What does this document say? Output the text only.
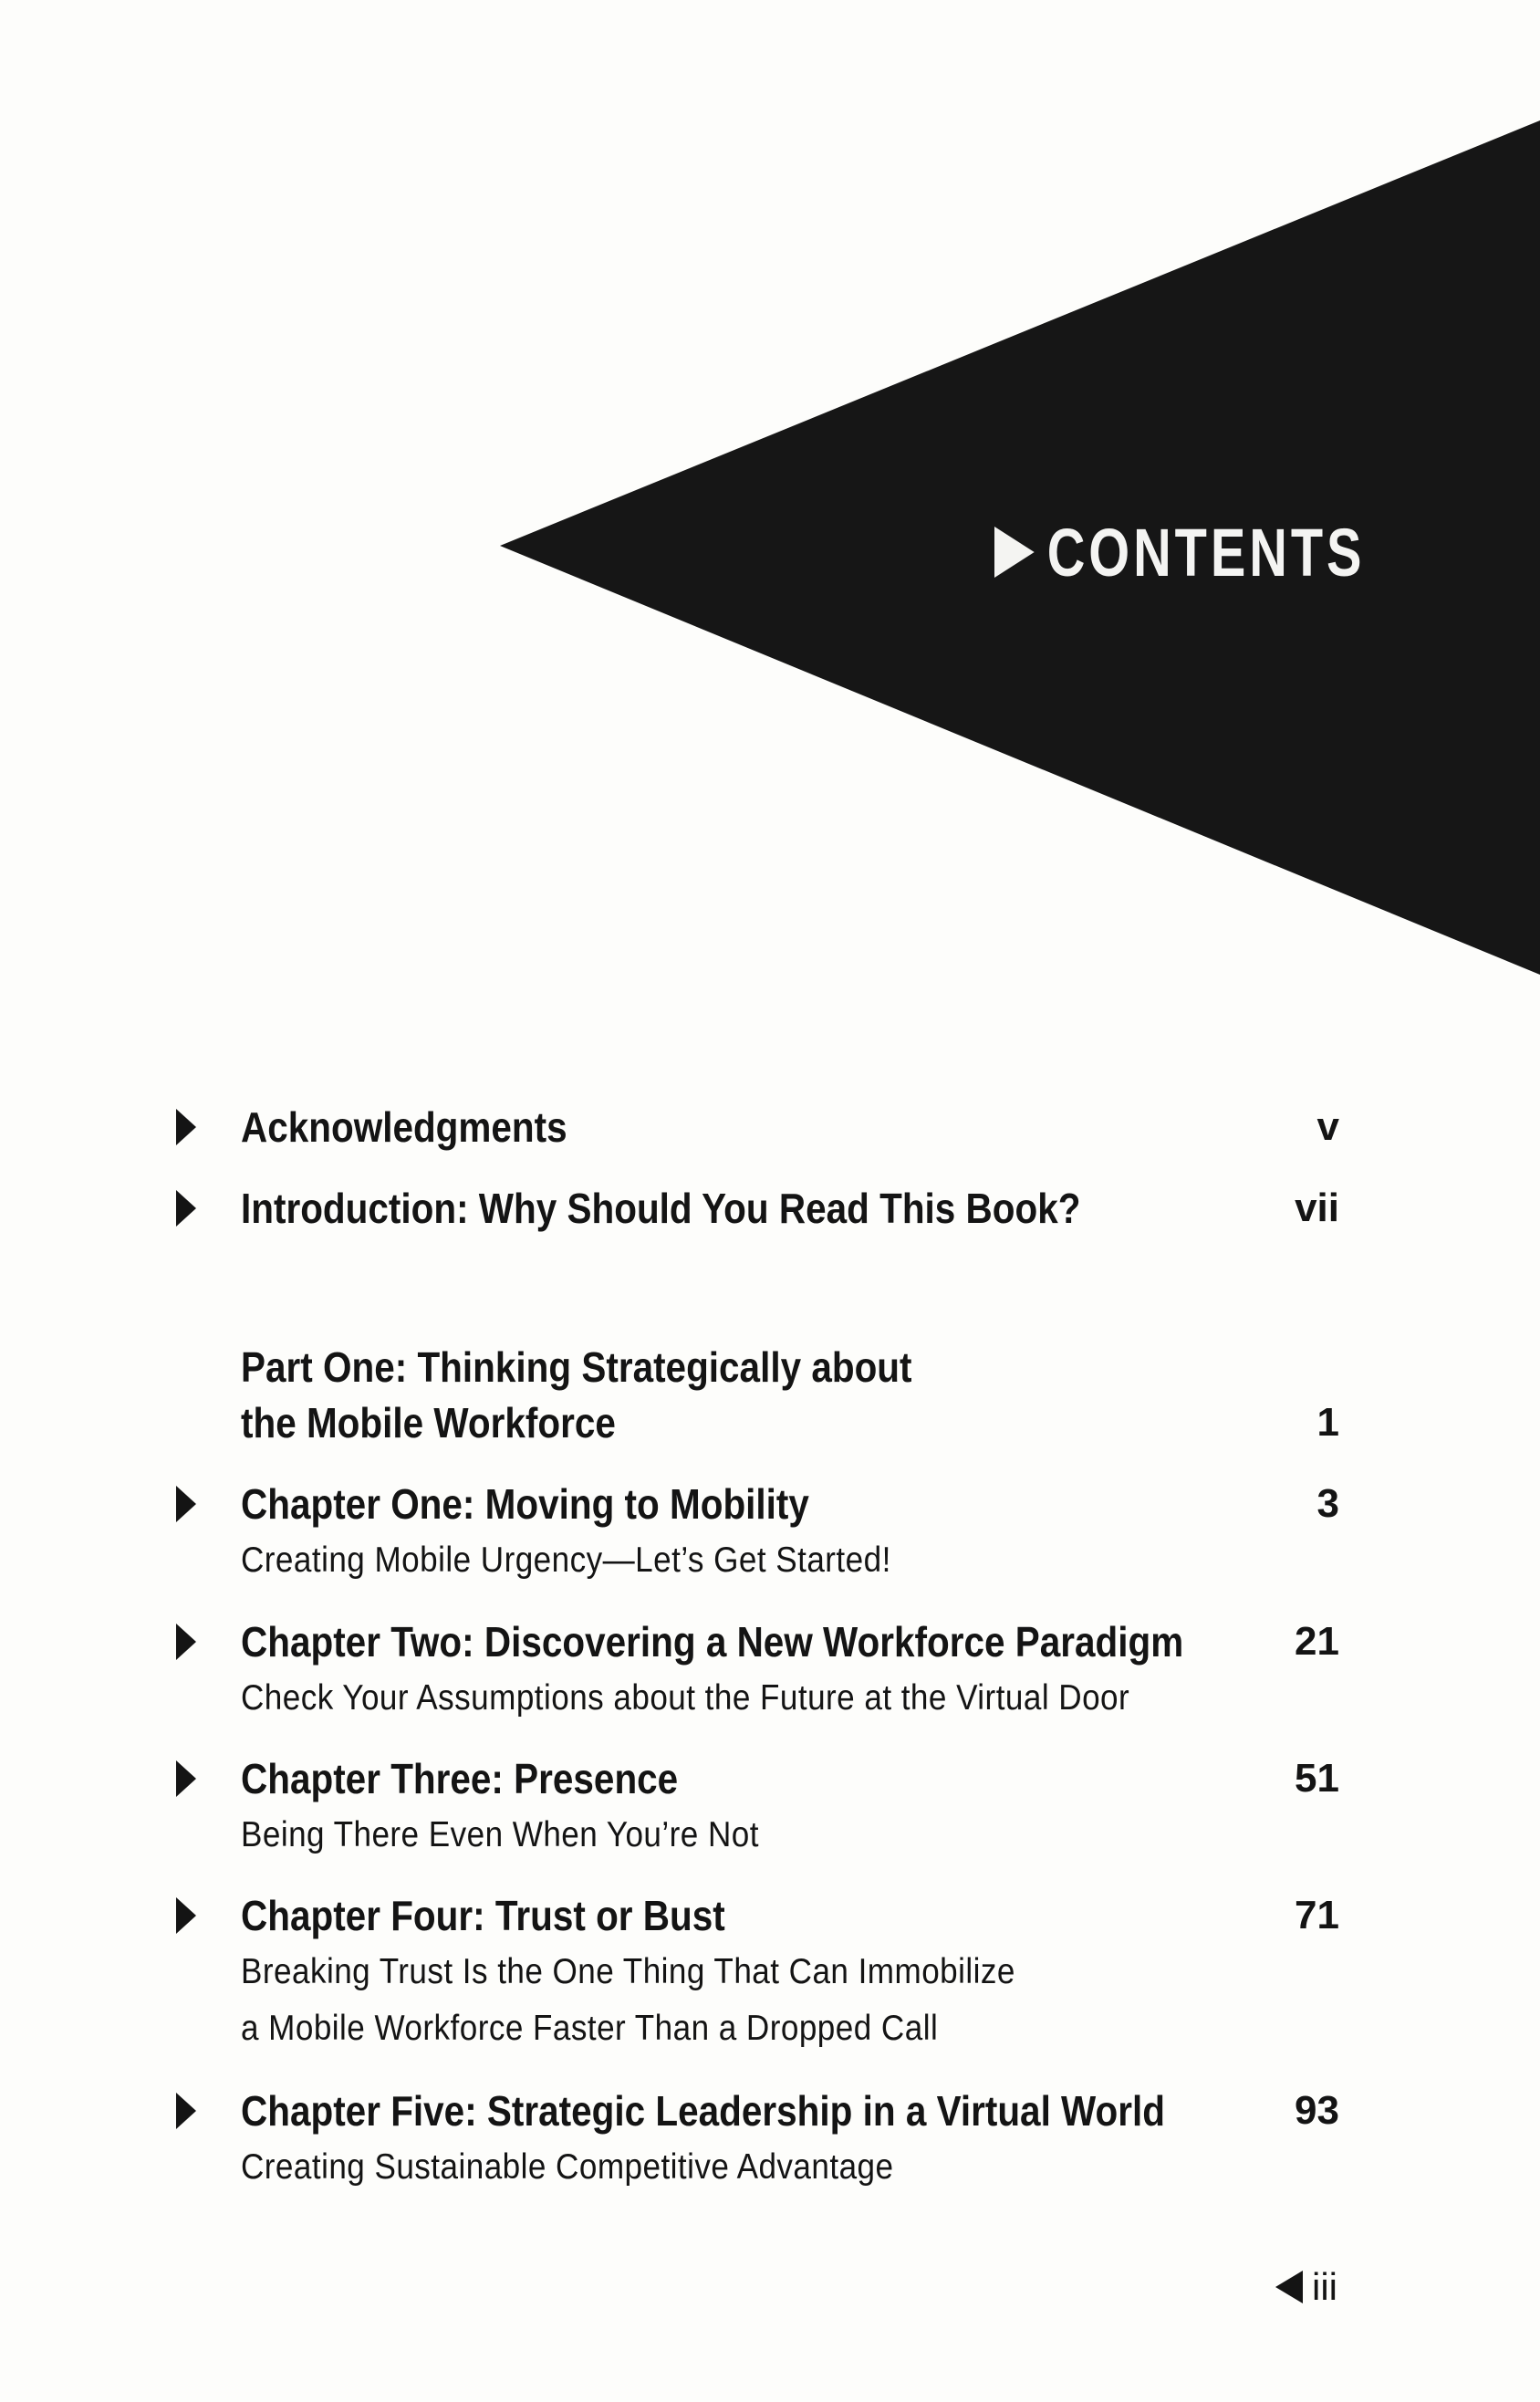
CONTENTS
Acknowledgments	v
Introduction: Why Should You Read This Book?	vii
Part One: Thinking Strategically about
the Mobile Workforce	1
Chapter One: Moving to Mobility	3
Creating Mobile Urgency—Let’s Get Started!
Chapter Two: Discovering a New Workforce Paradigm	21
Check Your Assumptions about the Future at the Virtual Door
Chapter Three: Presence	51
Being There Even When You’re Not
Chapter Four: Trust or Bust	71
Breaking Trust Is the One Thing That Can Immobilize
a Mobile Workforce Faster Than a Dropped Call
Chapter Five: Strategic Leadership in a Virtual World	93
Creating Sustainable Competitive Advantage
iii
